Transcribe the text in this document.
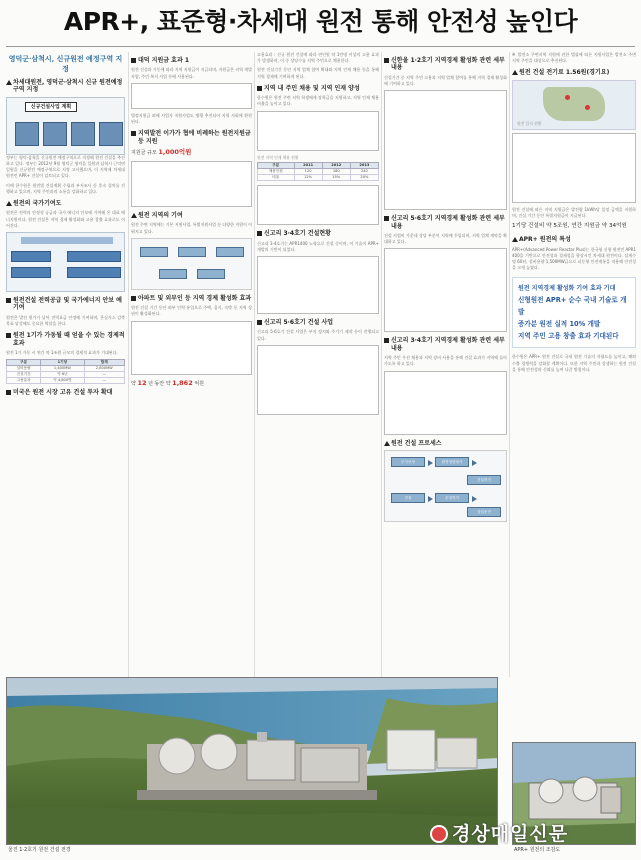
APR+, 표준형·차세대 원전 통해 안전성 높인다
영덕군·삼척시, 신규원전 예정구역 지정
차세대원전, 영덕군·삼척시 신규 원전예정구역 지정
신규건설사업 계획
정부는 영덕·삼척을 신규원전 예정구역으로 지정해 원전 건설을 추진하고 있다. 정부는 2012년 9월 영덕군 영덕읍 일원과 삼척시 근덕면 일원을 신규원전 예정구역으로 지정 고시했으며, 이 지역에 차세대 원전인 APR+ 건설이 검토되고 있다.
이에 한수원은 원전별 건설계획 수립과 부지조사 등 후속 절차를 진행하고 있으며, 지역 주민과의 소통을 강화하고 있다.
원전의 국가기여도
원전은 전력의 안정적 공급과 국가 에너지 안보에 기여해 온 대표 에너지원이다. 원전 건설은 지역 경제 활성화와 고용 창출 효과로도 이어진다.
원전건설 전력공급 및 국가에너지 안보 예기여
원전은 발전 원가가 낮아 전력요금 안정에 기여하며, 온실가스 감축 목표 달성에도 중요한 역할을 한다.
원전 1기가 가동될 때 얻을 수 있는 경제적 효과
원전 1기 가동 시 연간 약 1조원 규모의 경제적 효과가 기대된다.
구분	1기당	합계
설비용량	1,400MW	2,800MW
건설기간	약 6년	—
고용효과	약 4,800명	—
미국은 원전 시장 고유 건설 투자 확대
대덕 지원금 효과 1
원전 건설과 가동에 따라 지역 지원금이 지급되며, 지원금은 지역 개발사업, 주민 복지 사업 등에 사용된다.
법정지원금 외에 사업자 지원사업도 병행 추진되어 지역 사회에 환원된다.
지역발전 이가가 협에 비례하는 원전지원금 등 지원
지원금 규모 1,000억원
원전 지역의 기여
원전 주변 지역에는 기본 지원사업, 특별지원사업 등 다양한 지원이 이뤄지고 있다.
아파트 및 외부인 등 지역 경제 활성화 효과
원전 건설 기간 동안 외부 인력 유입으로 주택, 음식, 숙박 등 지역 상권이 활성화된다.
약 12 년 동안 약 1,862 억원
고용효과 : 신규 원전 건설에 따라 연인원 약 1만명 이상의 고용 효과가 발생하며, 이 중 상당수를 지역 주민으로 채용한다.
원전 건설기간 동안 지역 업체 참여 확대와 지역 인재 채용 등을 통해 지역 경제에 기여하게 된다.
지역 내 주민 채용 및 지역 인재 양성
한수원은 원전 주변 지역 학생에게 장학금을 지원하고, 지역 인재 채용 비율을 높이고 있다.
원전 지역 인재 채용 현황
구분	2011	2012	2013
채용인원	120	180	240
비율	12%	15%	20%
신고리 3·4호기 건설현황
신고리 3·4호기는 APR1400 노형으로 건설 중이며, 이 기술이 APR+ 개발의 기반이 되었다.
신고리 5·6호기 건설 사업
신고리 5·6호기 건설 사업은 부지 정지와 주기기 제작 등이 진행되고 있다.
신한울 1·2호기 지역경제 활성화 관련 세부내용
건설기간 중 지역 주민 고용과 지역 업체 참여를 통해 지역 경제 활성화에 기여하고 있다.
신고리 5·6호기 지역경제 활성화 관련 세부내용
건설 사업비 가운데 상당 부분이 지역에 투입되며, 지역 업체 계약을 확대하고 있다.
신고리 3·4호기 지역경제 활성화 관련 세부내용
지역 주민 우선 채용과 지역 장비 사용을 통해 건설 효과가 지역에 돌아가도록 하고 있다.
원전 건설 프로세스
부지선정	환경영향평가
건설허가
건설	운영허가
상업운전
※ 발전소 주변지역 지원에 관한 법률에 따른 지원사업은 발전소 주변 지역 주민을 대상으로 추진된다.
원전 건설 전기료 1.56원(경기요)
원전 입지 현황
원전 건설에 따른 지역 지원금은 발전량 1kWh당 일정 금액을 지원하며, 건설 기간 동안 특별지원금이 지급된다.
1기당 건설비 약 5조원, 연간 지원금 약 34억원
APR+ 원전의 특성
APR+(Advanced Power Reactor Plus)는 한국형 신형 원전인 APR1400을 기반으로 안전성과 경제성을 향상시킨 차세대 원전이다. 설계수명 60년, 설비용량 1,500MW급으로 피동형 안전계통을 적용해 안전성을 크게 높였다.
원전 지역경제 활성화 기여 효과 기대
신형원전 APR+ 순수 국내 기술로 개발
증가분 원전 실적 10% 개발
지역 주민 고용 창출 효과 기대된다
한수원은 APR+ 원전 건설로 국내 원전 기술의 자립도를 높이고, 해외 수출 경쟁력을 강화할 계획이다. 또한 지역 주민과 상생하는 원전 건설을 통해 안전성과 신뢰를 높여 나갈 방침이다.
울진 1·2호기 원전 건설 전경	APR+ 원전의 조감도
경상매일신문
